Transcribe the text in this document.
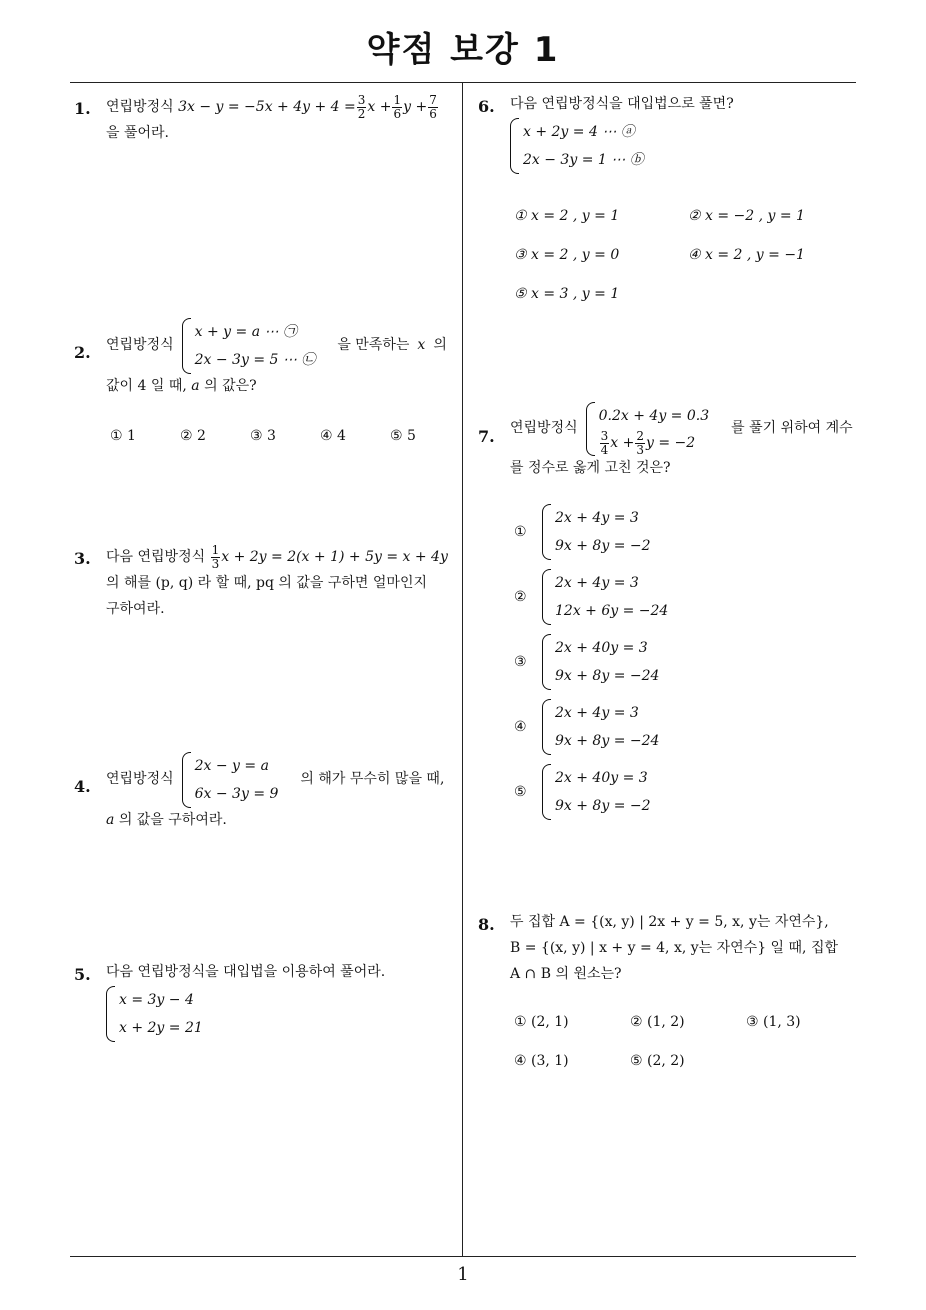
약점 보강 1
1
1. 연립방정식 $3x - y = -5x + 4y + 4 = \frac{3}{2}$ $x + \frac{1}{6}$ $y + \frac{7}{6}$
을 풀어라.
2. 연립방정식
x + y = a ⋯ ㉠
2x − 3y = 5 ⋯ ㉡
을 만족하는 x 의
값이 4 일 때, a 의 값은?
① 1	② 2	③ 3	④ 4	⑤ 5
3. 다음 연립방정식 $\frac{1}{3}$ x + 2y = 2(x + 1) + 5y = x + 4y
의 해를 (p, q) 라 할 때, pq 의 값을 구하면 얼마인지
구하여라.
4. 연립방정식
2x − y = a
6x − 3y = 9
의 해가 무수히 많을 때,
a 의 값을 구하여라.
5. 다음 연립방정식을 대입법을 이용하여 풀어라.
x = 3y − 4
x + 2y = 21
6. 다음 연립방정식을 대입법으로 풀면?
x + 2y = 4 ⋯ ⓐ
2x − 3y = 1 ⋯ ⓑ
① x = 2 , y = 1	② x = −2 , y = 1
③ x = 2 , y = 0	④ x = 2 , y = −1
⑤ x = 3 , y = 1
7. 연립방정식
0.2x + 4y = 0.3
$\frac{3}{4}$ $x + \frac{2}{3}$ y = −2
를 풀기 위하여 계수
를 정수로 옳게 고친 것은?
①
2x + 4y = 3
9x + 8y = −2
②
2x + 4y = 3
12x + 6y = −24
③
2x + 40y = 3
9x + 8y = −24
④
2x + 4y = 3
9x + 8y = −24
⑤
2x + 40y = 3
9x + 8y = −2
8. 두 집합 A = {(x, y) | 2x + y = 5, x, y는 자연수},
B = {(x, y) | x + y = 4, x, y는 자연수} 일 때, 집합
A ∩ B 의 원소는?
① (2, 1)	② (1, 2)	③ (1, 3)
④ (3, 1)	⑤ (2, 2)
